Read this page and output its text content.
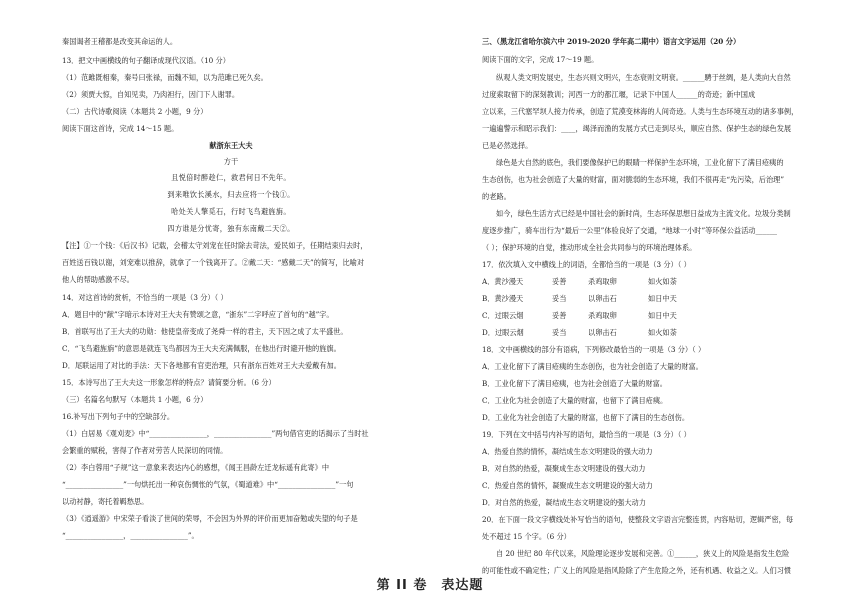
秦国谒者王稽都是改变其命运的人。
13．把文中画横线的句子翻译成现代汉语。（10 分）
（1）范雎既相秦，秦号曰张禄，而魏不知，以为范雎已死久矣。
（2）须贾大惊，自知见卖，乃肉袒行，因门下人谢罪。
（二）古代诗歌阅读（本题共 2 小题，9 分）
阅读下面这首诗，完成 14～15 题。
献浙东王大夫
方干
且悦倍时醉趁仁，救君何日不先年。
到来唯饮长溪水，归去应将一个钱①。
哈处关人擎觅石，行时飞鸟避旌旃。
四方谁是分忧寄，独有东南戴二天②。
【注】①一个钱：《后汉书》记载，会稽太守刘宠在任时除去苛法，爱民如子，任期结束归去时，
百姓送百钱以谢，刘宠难以推辞，就拿了一个钱离开了。②戴二天：“感戴二天”的简写，比喻对
他人的帮助感激不尽。
14．对这首诗的赏析，不恰当的一项是（3 分）（ ）
A．题目中的“献”字暗示本诗对王大夫有赞颂之意，“浙东”二字呼应了首句的“越”字。
B．首联写出了王大夫的功勋：他使皇帝变成了尧舜一样的君主，天下因之成了太平盛世。
C．“飞鸟避旌旃”的意思是就连飞鸟都因为王大夫充满佩服，在他出行时避开他的旌旗。
D．尾联运用了对比的手法：天下各地都有官吏治理，只有浙东百姓对王大夫爱戴有加。
15．本诗写出了王大夫这一形象怎样的特点？请简要分析。（6 分）
（三）名篇名句默写（本题共 1 小题，6 分）
16.补写出下列句子中的空缺部分。
（1）白居易《观刈麦》中“________________，________________”两句借官吏的话揭示了当时社
会繁重的赋税，害得了作者对劳苦人民深切的同情。
（2）李白蓉用“子规”这一意象来表达内心的感想，《闻王昌龄左迁龙标遥有此寄》中
“________________”一句烘托出一种哀伤惆怅的气氛，《蜀道难》中“________________”一句
以动衬静，寄托着羁愁思。
（3）《逍遥游》中宋荣子看淡了世间的荣辱，不会因为外界的评价而更加奋勉或失望的句子是
“________________，________________”。
第 II 卷　表达题
三、（黑龙江省哈尔滨六中 2019-2020 学年高二期中）语言文字运用（20 分）
阅读下面的文字，完成 17～19 题。
纵观人类文明发展史，生态兴则文明兴，生态衰则文明衰。______騁于丝绸，是人类向大自然
过度索取留下的深刻教训；河西一方的都江堰，记录下中国人______的奇迹；新中国成
立以来，三代塞罕坝人接力传承，创造了荒漠变林海的人间奇迹。人类与生态环境互动的诸多事例，
一遍遍警示和昭示我们：____，竭泽而渔的发展方式已走到尽头，顺应自然、保护生态的绿色发展
已是必然选择。
绿色是大自然的底色，我们要像保护已的眼睛一样保护生态环境，工业化留下了满目疮痍的
生态创伤，也为社会创造了大量的财富，面对脆弱的生态环境，我们不很再走“先污染，后治理”
的老路。
如今，绿色生活方式已经是中国社会的新时尚，生态环保思想日益成为主流文化。垃圾分类制
度逐步推广，骑车出行为“最后一公里”体验良好了交通，“地球一小时”等环保公益活动______
（ ）；保护环境的自觉，推动形成全社会共同参与的环境治理体系。
17．依次填入文中横线上的词语，全都恰当的一项是（3 分）（ ）
A．黄沙漫天	妥善	杀鸡取卵	如火如荼
B．黄沙漫天	妥当	以卵击石	如日中天
C．过眼云烟	妥善	杀鸡取卵	如日中天
D．过眼云烟	妥当	以卵击石	如火如荼
18．文中画横线的部分有语病，下列修改最恰当的一项是（3 分）（ ）
A．工业化留下了满目疮痍的生态创伤，也为社会创造了大量的财富。
B．工业化留下了满目疮痍，也为社会创造了大量的财富。
C．工业化为社会创造了大量的财富，也留下了满目疮痍。
D．工业化为社会创造了大量的财富，也留下了满目的生态创伤。
19．下列在文中括号内补写的语句，最恰当的一项是（3 分）（ ）
A．热爱自然的情怀，凝结成生态文明建设的强大动力
B．对自然的热爱，凝聚成生态文明建设的强大动力
C．热爱自然的情怀，凝聚成生态文明建设的强大动力
D．对自然的热爱，凝结成生态文明建设的强大动力
20．在下面一段文字横线处补写恰当的语句，使整段文字语言完整连贯，内容贴切，逻辑严密，每
处不超过 15 个字。（6 分）
自 20 世纪 80 年代以来，风险理论逐步发展和完善。①______，狭义上的风险是指发生危险
的可能性或不确定性；广义上的风险是指风险除了产生危险之外，还有机遇、收益之义。人们习惯
